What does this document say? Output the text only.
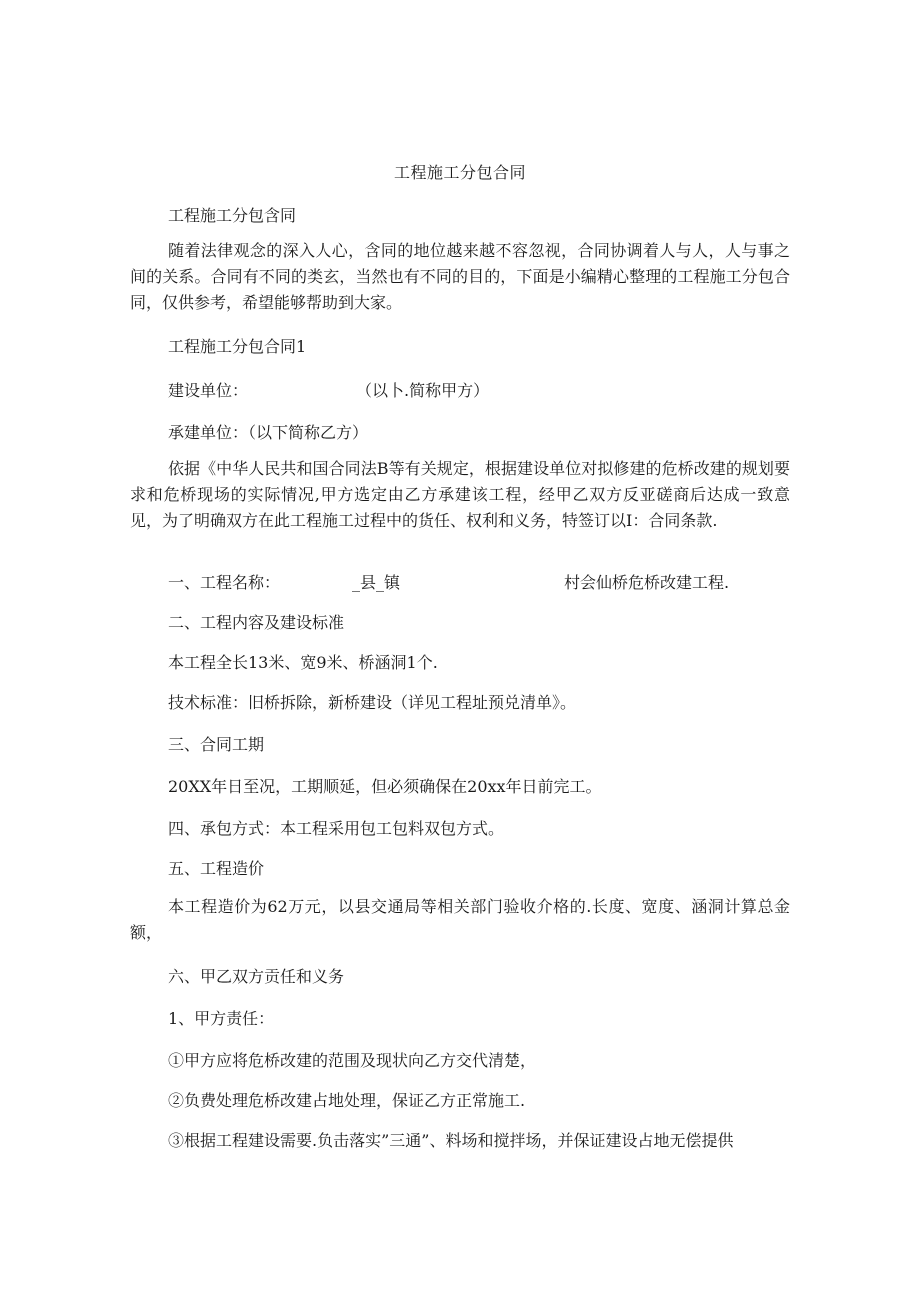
工程施工分包合同
工程施工分包含同
随着法律观念的深入人心，含同的地位越来越不容忽视，合同协调着人与人，人与事之间的关系。合同有不同的类玄，当然也有不同的目的，下面是小编精心整理的工程施工分包合同，仅供参考，希望能够帮助到大家。
工程施工分包合同1
建设单位：	（以卜.简称甲方）
承建单位：（以下简称乙方）
依据《中华人民共和国合同法B等有关规定，根据建设单位对拟修建的危桥改建的规划要求和危桥现场的实际情况,甲方选定由乙方承建该工程，经甲乙双方反亚磋商后达成一致意见，为了明确双方在此工程施工过程中的货任、权利和义务，特签订以I：合同条款.
一、工程名称：	_县_镇	村会仙桥危桥改建工程.
二、工程内容及建设标准
本工程全长13米、宽9米、桥涵洞1个.
技术标准：旧桥拆除，新桥建设（详见工程址预兑清单》。
三、合同工期
20XX年日至况，工期顺延，但必须确保在20xx年日前完工。
四、承包方式：本工程采用包工包料双包方式。
五、工程造价
本工程造价为62万元，以县交通局等相关部门验收介格的.长度、宽度、涵洞计算总金额，
六、甲乙双方贡任和义务
1、甲方责任：
①甲方应将危桥改建的范围及现状向乙方交代清楚，
②负费处理危桥改建占地处理，保证乙方正常施工.
③根据工程建设需要.负击落实”三通”、料场和搅拌场，并保证建设占地无偿提供
